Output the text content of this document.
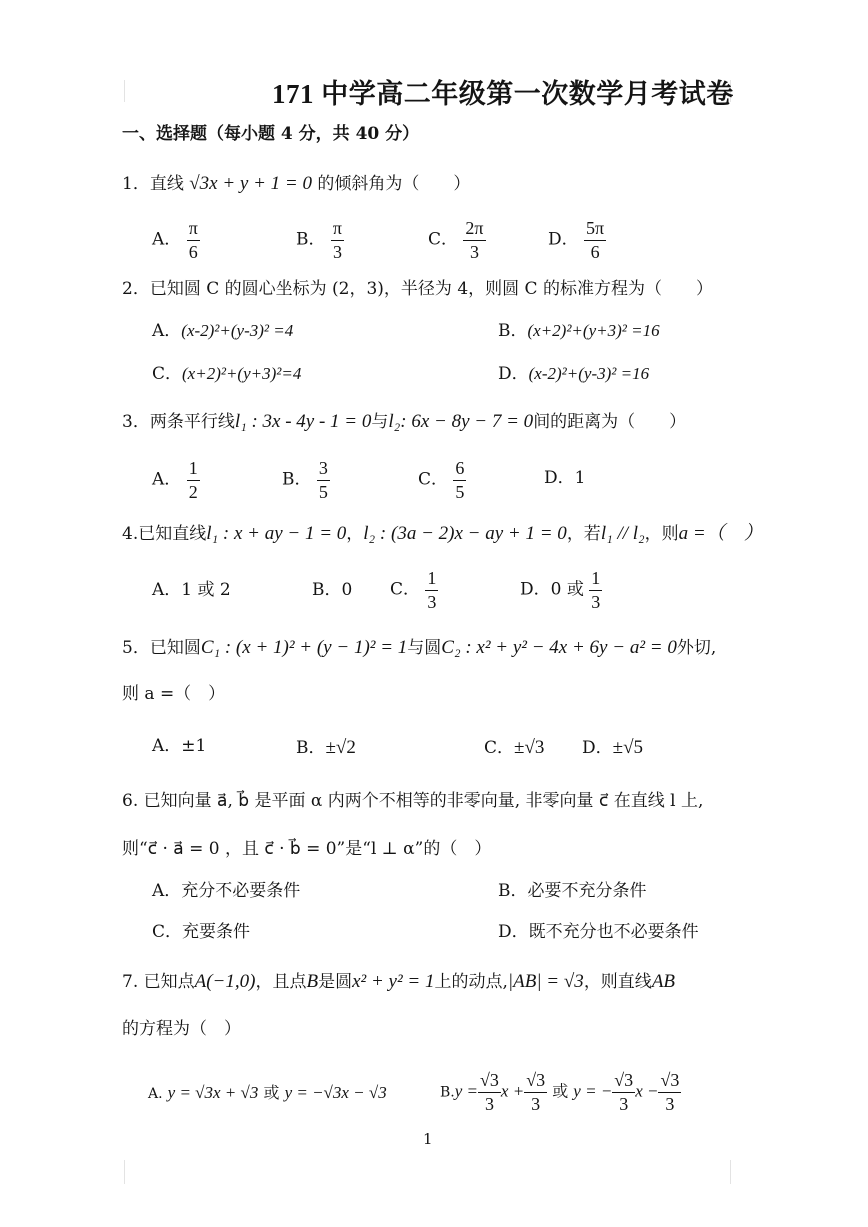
171 中学高二年级第一次数学月考试卷
一、选择题（每小题 4 分，共 40 分）
1．直线 √3x + y + 1 = 0 的倾斜角为（　　）
A． $\frac{\pi}{6}$	B． $\frac{\pi}{3}$	C． $\frac{2\pi}{3}$	D． $\frac{5\pi}{6}$
2．已知圆 C 的圆心坐标为 (2，3)，半径为 4，则圆 C 的标准方程为（　　）
A．(x-2)²+(y-3)² =4	B．(x+2)²+(y+3)² =16
C．(x+2)²+(y+3)²=4	D．(x-2)²+(y-3)² =16
3．两条平行线l₁ : 3x - 4y - 1 = 0与l₂: 6x − 8y − 7 = 0间的距离为（　　）
A． $\frac{1}{2}$	B． $\frac{3}{5}$	C． $\frac{6}{5}$	D．1
4.已知直线l₁ : x + ay − 1 = 0，l₂ : (3a − 2)x − ay + 1 = 0，若l₁ // l₂，则a =（　）
A．1 或 2	B．0 C． $\frac{1}{3}$	D．0 或 $\frac{1}{3}$
5．已知圆C₁ : (x + 1)² + (y − 1)² = 1与圆C₂ : x² + y² − 4x + 6y − a² = 0外切,
则 a =（　）
A．±1	B．±√2	C．±√3 D．±√5
6. 已知向量 a⃗, b⃗ 是平面 α 内两个不相等的非零向量, 非零向量 c⃗ 在直线 l 上,
则“c⃗ · a⃗ = 0 ，且 c⃗ · b⃗ = 0”是“l ⊥ α”的（　）
A．充分不必要条件	B．必要不充分条件
C．充要条件	D．既不充分也不必要条件
7. 已知点A(−1,0)，且点B是圆x² + y² = 1上的动点,|AB| = √3，则直线AB
的方程为（　）
A. y = √3x + √3 或 y = −√3x − √3	$B.y = \frac{√3}{3}$ $x + \frac{√3}{3}$ 或 y = − $\frac{√3}{3}$ $x - \frac{√3}{3}$
1
